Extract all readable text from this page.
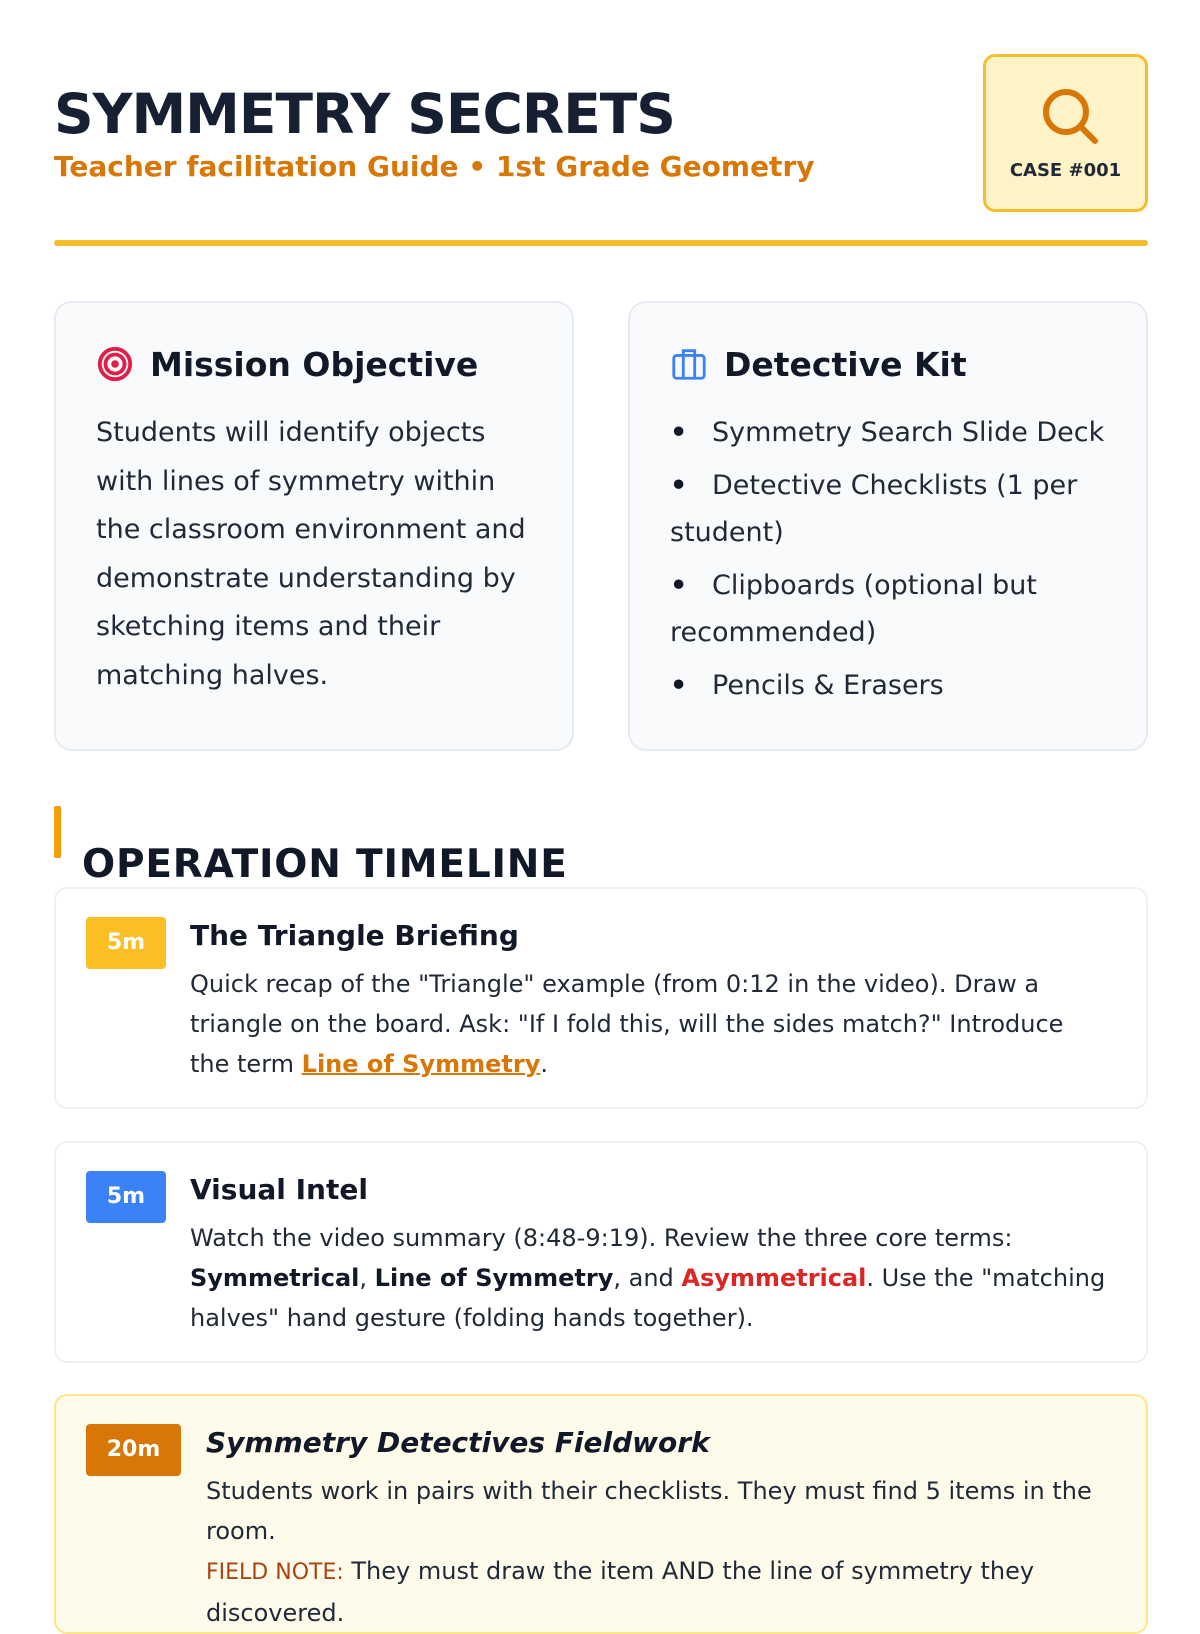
SYMMETRY SECRETS
Teacher facilitation Guide • 1st Grade Geometry	CASE #001
Mission Objective

Students will identify objects with lines of symmetry within the classroom environment and demonstrate understanding by sketching items and their matching halves.

Detective Kit
• Symmetry Search Slide Deck
• Detective Checklists (1 per student)
• Clipboards (optional but recommended)
• Pencils & Erasers
OPERATION TIMELINE
5m	The Triangle Briefing

Quick recap of the "Triangle" example (from 0:12 in the video). Draw a triangle on the board. Ask: "If I fold this, will the sides match?" Introduce the term Line of Symmetry.

5m	Visual Intel

Watch the video summary (8:48-9:19). Review the three core terms: Symmetrical, Line of Symmetry, and Asymmetrical. Use the "matching halves" hand gesture (folding hands together).

20m	Symmetry Detectives Fieldwork

Students work in pairs with their checklists. They must find 5 items in the room.
FIELD NOTE: They must draw the item AND the line of symmetry they discovered.
